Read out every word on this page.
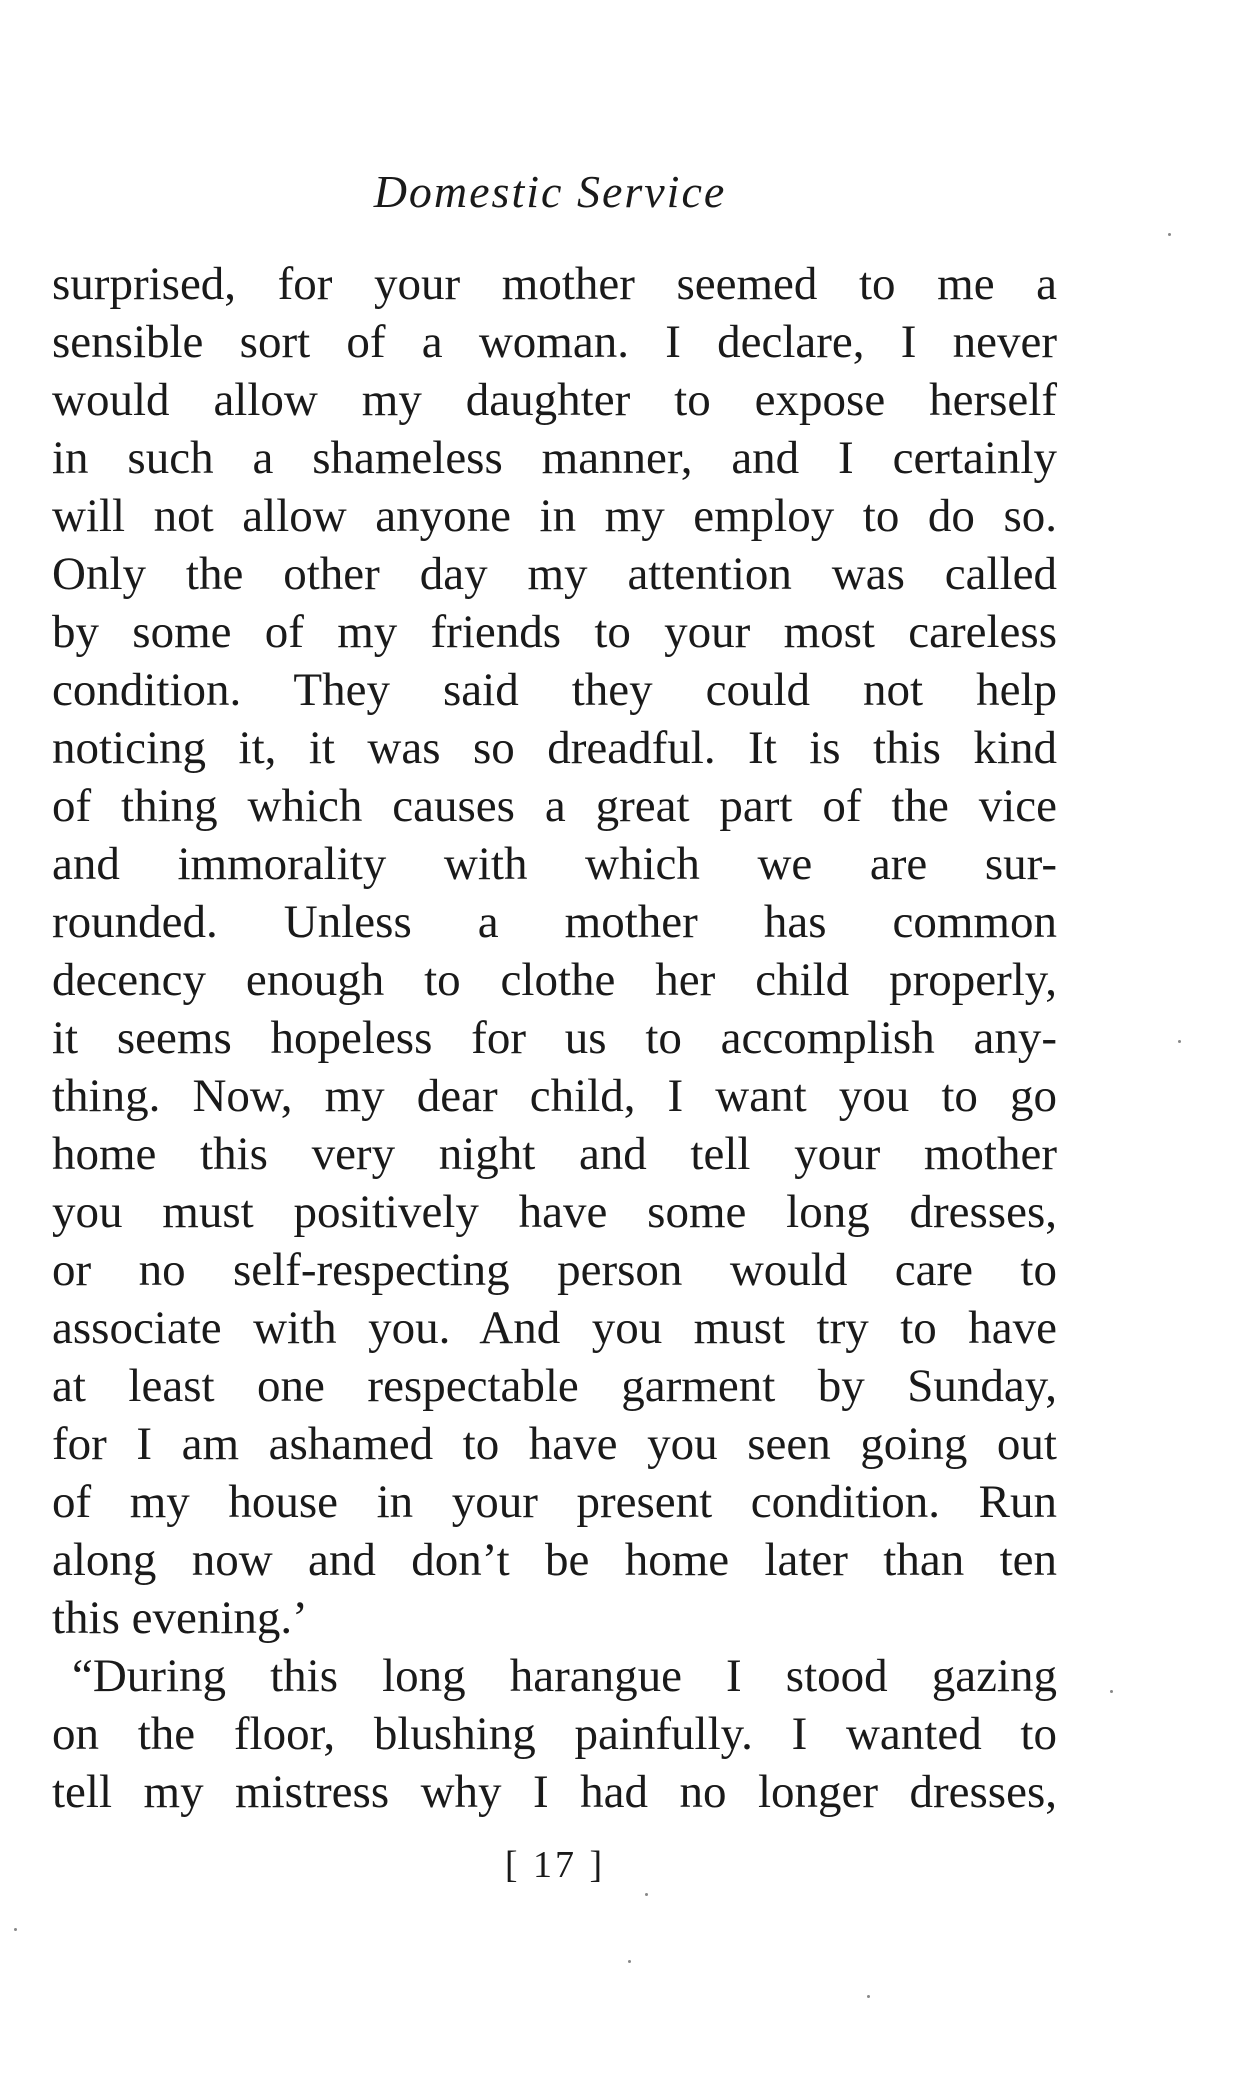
Domestic Service
surprised, for your mother seemed to me a
sensible sort of a woman. I declare, I never
would allow my daughter to expose herself
in such a shameless manner, and I certainly
will not allow anyone in my employ to do so.
Only the other day my attention was called
by some of my friends to your most careless
condition. They said they could not help
noticing it, it was so dreadful. It is this kind
of thing which causes a great part of the vice
and immorality with which we are sur-
rounded. Unless a mother has common
decency enough to clothe her child properly,
it seems hopeless for us to accomplish any-
thing. Now, my dear child, I want you to go
home this very night and tell your mother
you must positively have some long dresses,
or no self-respecting person would care to
associate with you. And you must try to have
at least one respectable garment by Sunday,
for I am ashamed to have you seen going out
of my house in your present condition. Run
along now and don’t be home later than ten
this evening.’
“During this long harangue I stood gazing
on the floor, blushing painfully. I wanted to
tell my mistress why I had no longer dresses,
[ 17 ]
